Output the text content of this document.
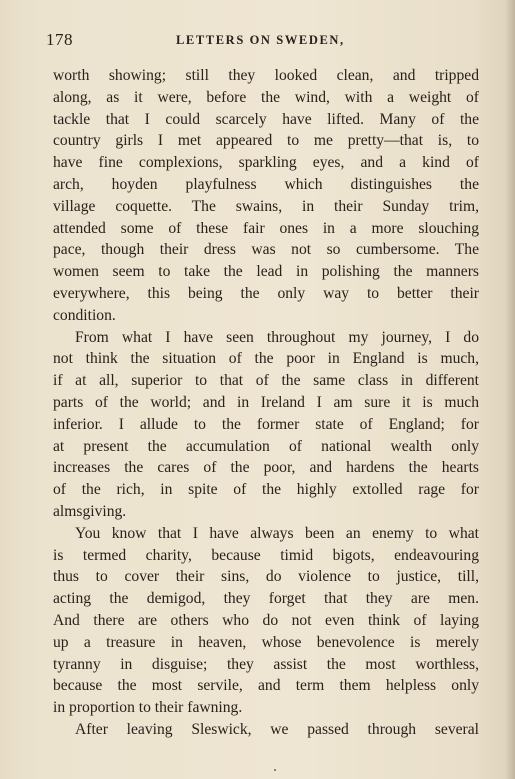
178	LETTERS ON SWEDEN,
worth showing; still they looked clean, and tripped
along, as it were, before the wind, with a weight of
tackle that I could scarcely have lifted. Many of the
country girls I met appeared to me pretty—that is, to
have fine complexions, sparkling eyes, and a kind of
arch, hoyden playfulness which distinguishes the
village coquette. The swains, in their Sunday trim,
attended some of these fair ones in a more slouching
pace, though their dress was not so cumbersome. The
women seem to take the lead in polishing the manners
everywhere, this being the only way to better their
condition.
From what I have seen throughout my journey, I do
not think the situation of the poor in England is much,
if at all, superior to that of the same class in different
parts of the world; and in Ireland I am sure it is much
inferior. I allude to the former state of England; for
at present the accumulation of national wealth only
increases the cares of the poor, and hardens the hearts
of the rich, in spite of the highly extolled rage for
almsgiving.
You know that I have always been an enemy to what
is termed charity, because timid bigots, endeavouring
thus to cover their sins, do violence to justice, till,
acting the demigod, they forget that they are men.
And there are others who do not even think of laying
up a treasure in heaven, whose benevolence is merely
tyranny in disguise; they assist the most worthless,
because the most servile, and term them helpless only
in proportion to their fawning.
After leaving Sleswick, we passed through several
